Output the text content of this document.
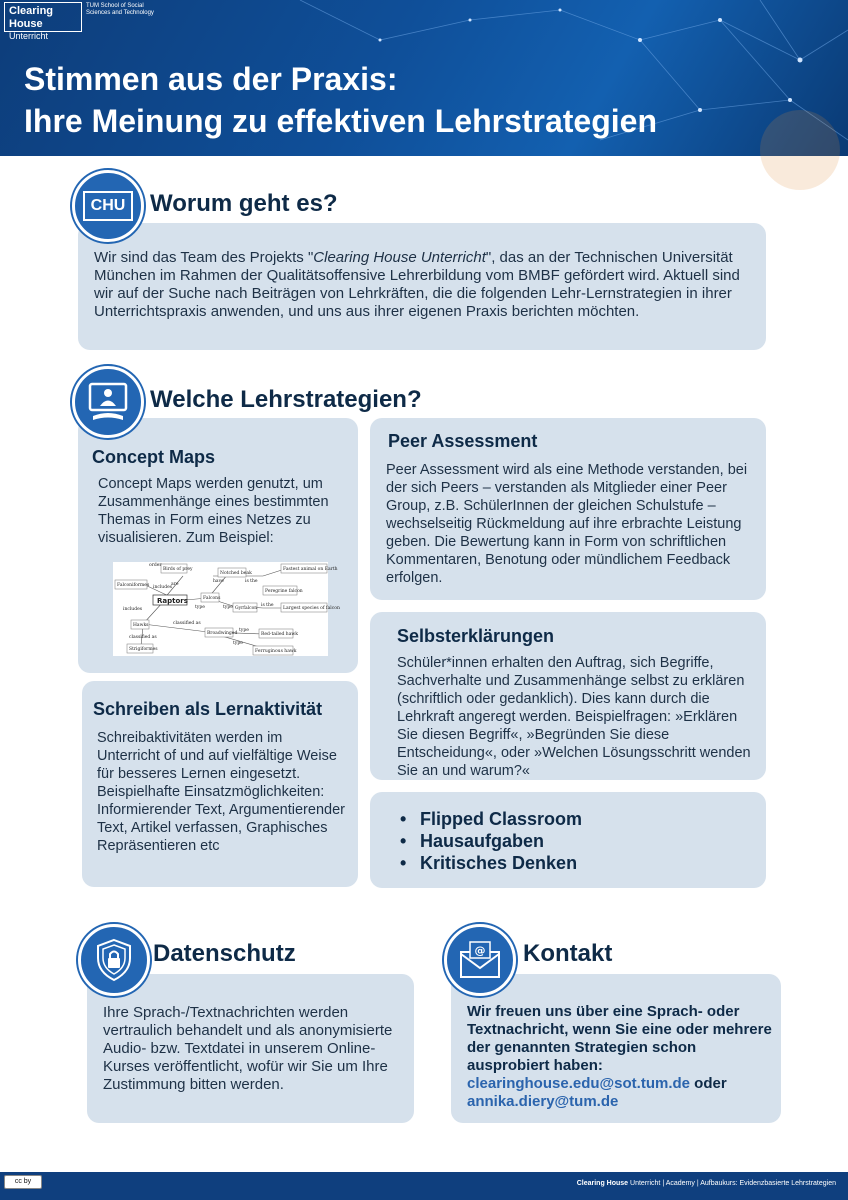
Clearing House
Unterricht
TUM School of Social Sciences and Technology
Stimmen aus der Praxis:
Ihre Meinung zu effektiven Lehrstrategien
Wir sind das Team des Projekts "Clearing House Unterricht", das an der Technischen Universität München im Rahmen der Qualitätsoffensive Lehrerbildung vom BMBF gefördert wird. Aktuell sind wir auf der Suche nach Beiträgen von Lehrkräften, die die folgenden Lehr-Lernstrategien in ihrer Unterrichtspraxis anwenden, und uns aus ihrer eigenen Praxis berichten möchten.
CHU	Worum geht es?
Welche Lehrstrategien?
Concept Maps
Concept Maps werden genutzt, um Zusammenhänge eines bestimmten Themas in Form eines Netzes zu visualisieren. Zum Beispiel:
Birds of prey
Falconiformes
Raptors	Falcons
Notched beak
Peregrine falcon
Gyrfalcon
Fastest animal on Earth
Largest species of falcon
Hawks
Broadwinged	Red-tailed hawk
Ferruginous hawk
Strigiformes
order
are
includes
includes	type
have	is the
type	is the
classified as
classified as
type
type
Schreiben als Lernaktivität
Schreibaktivitäten werden im Unterricht of und auf vielfältige Weise für besseres Lernen eingesetzt. Beispielhafte Einsatzmöglichkeiten: Informierender Text, Argumentierender Text, Artikel verfassen, Graphisches Repräsentieren etc
Peer Assessment
Peer Assessment wird als eine Methode verstanden, bei der sich Peers – verstanden als Mitglieder einer Peer Group, z.B. SchülerInnen der gleichen Schulstufe – wechselseitig Rückmeldung auf ihre erbrachte Leistung geben. Die Bewertung kann in Form von schriftlichen Kommentaren, Benotung oder mündlichem Feedback erfolgen.
Selbsterklärungen
Schüler*innen erhalten den Auftrag, sich Begriffe, Sachverhalte und Zusammenhänge selbst zu erklären (schriftlich oder gedanklich). Dies kann durch die Lehrkraft angeregt werden. Beispielfragen: »Erklären Sie diesen Begriff«, »Begründen Sie diese Entscheidung«, oder »Welchen Lösungsschritt wenden Sie an und warum?«
• Flipped Classroom
• Hausaufgaben
• Kritisches Denken
Ihre Sprach-/Textnachrichten werden vertraulich behandelt und als anonymisierte Audio- bzw. Textdatei in unserem Online-Kurses veröffentlicht, wofür wir Sie um Ihre Zustimmung bitten werden.
Datenschutz
Wir freuen uns über eine Sprach- oder Textnachricht, wenn Sie eine oder mehrere der genannten Strategien schon ausprobiert haben: clearinghouse.edu@sot.tum.de oder annika.diery@tum.de
@ Kontakt
cc by	Clearing House Unterricht | Academy | Aufbaukurs: Evidenzbasierte Lehrstrategien
